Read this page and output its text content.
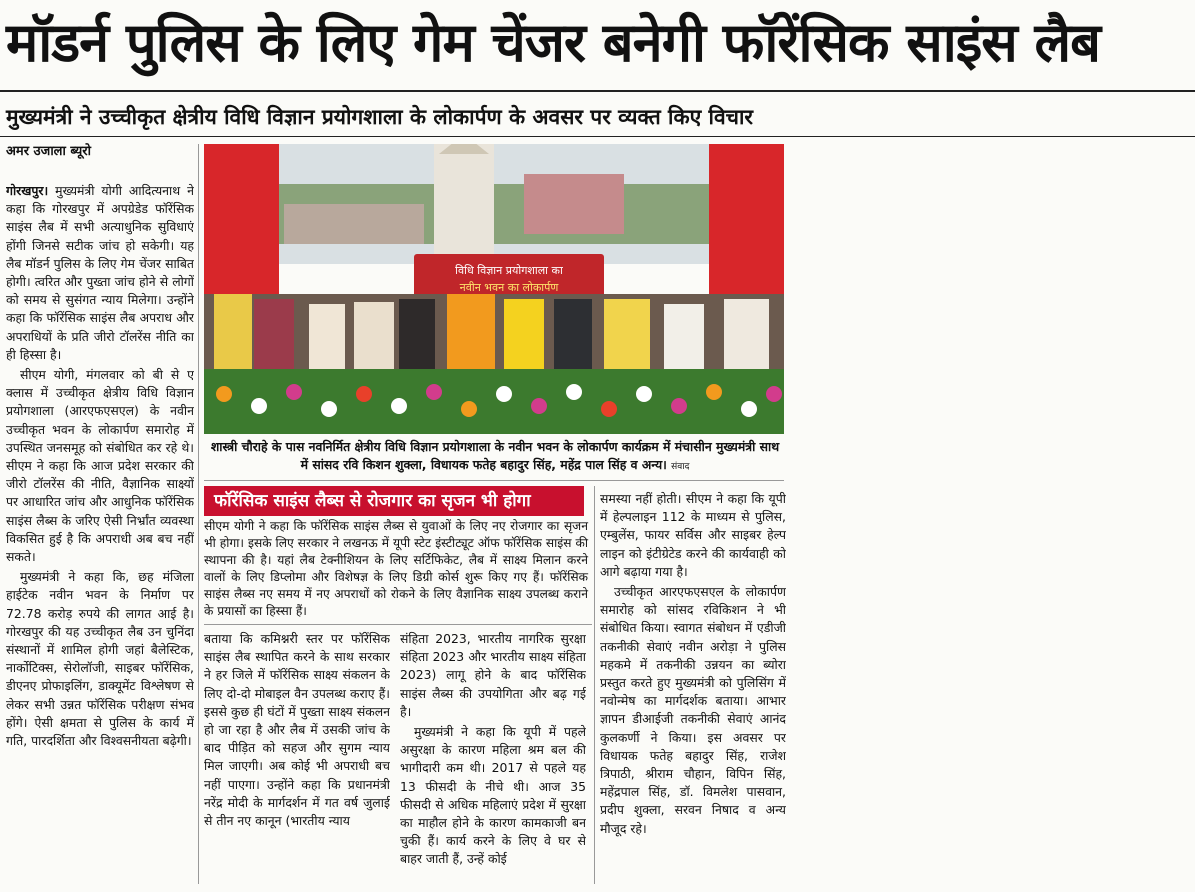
मॉडर्न पुलिस के लिए गेम चेंजर बनेगी फॉरेंसिक साइंस लैब
मुख्यमंत्री ने उच्चीकृत क्षेत्रीय विधि विज्ञान प्रयोगशाला के लोकार्पण के अवसर पर व्यक्त किए विचार
अमर उजाला ब्यूरो

गोरखपुर। मुख्यमंत्री योगी आदित्यनाथ ने कहा कि गोरखपुर में अपग्रेडेड फॉरेंसिक साइंस लैब में सभी अत्याधुनिक सुविधाएं होंगी जिनसे सटीक जांच हो सकेगी। यह लैब मॉडर्न पुलिस के लिए गेम चेंजर साबित होगी। त्वरित और पुख्ता जांच होने से लोगों को समय से सुसंगत न्याय मिलेगा। उन्होंने कहा कि फॉरेंसिक साइंस लैब अपराध और अपराधियों के प्रति जीरो टॉलरेंस नीति का ही हिस्सा है।

सीएम योगी, मंगलवार को बी से ए क्लास में उच्चीकृत क्षेत्रीय विधि विज्ञान प्रयोगशाला (आरएफएसएल) के नवीन उच्चीकृत भवन के लोकार्पण समारोह में उपस्थित जनसमूह को संबोधित कर रहे थे। सीएम ने कहा कि आज प्रदेश सरकार की जीरो टॉलरेंस की नीति, वैज्ञानिक साक्ष्यों पर आधारित जांच और आधुनिक फॉरेंसिक साइंस लैब्स के जरिए ऐसी निर्भ्रांत व्यवस्था विकसित हुई है कि अपराधी अब बच नहीं सकते।

मुख्यमंत्री ने कहा कि, छह मंजिला हाईटेक नवीन भवन के निर्माण पर 72.78 करोड़ रुपये की लागत आई है। गोरखपुर की यह उच्चीकृत लैब उन चुनिंदा संस्थानों में शामिल होगी जहां बैलेस्टिक, नार्कोटिक्स, सेरोलॉजी, साइबर फॉरेंसिक, डीएनए प्रोफाइलिंग, डाक्यूमेंट विश्लेषण से लेकर सभी उन्नत फॉरेंसिक परीक्षण संभव होंगे। ऐसी क्षमता से पुलिस के कार्य में गति, पारदर्शिता और विश्वसनीयता बढ़ेगी।

विधि विज्ञान प्रयोगशाला का
नवीन भवन का लोकार्पण
शास्त्री चौराहे के पास नवनिर्मित क्षेत्रीय विधि विज्ञान प्रयोगशाला के नवीन भवन के लोकार्पण कार्यक्रम में मंचासीन मुख्यमंत्री साथ में सांसद रवि किशन शुक्ला, विधायक फतेह बहादुर सिंह, महेंद्र पाल सिंह व अन्य। संवाद
फॉरेंसिक साइंस लैब्स से रोजगार का सृजन भी होगा
सीएम योगी ने कहा कि फॉरेंसिक साइंस लैब्स से युवाओं के लिए नए रोजगार का सृजन भी होगा। इसके लिए सरकार ने लखनऊ में यूपी स्टेट इंस्टीट्यूट ऑफ फॉरेंसिक साइंस की स्थापना की है। यहां लैब टेक्नीशियन के लिए सर्टिफिकेट, लैब में साक्ष्य मिलान करने वालों के लिए डिप्लोमा और विशेषज्ञ के लिए डिग्री कोर्स शुरू किए गए हैं। फॉरेंसिक साइंस लैब्स नए समय में नए अपराधों को रोकने के लिए वैज्ञानिक साक्ष्य उपलब्ध कराने के प्रयासों का हिस्सा हैं।

बताया कि कमिश्नरी स्तर पर फॉरेंसिक साइंस लैब स्थापित करने के साथ सरकार ने हर जिले में फॉरेंसिक साक्ष्य संकलन के लिए दो-दो मोबाइल वैन उपलब्ध कराए हैं। इससे कुछ ही घंटों में पुख्ता साक्ष्य संकलन हो जा रहा है और लैब में उसकी जांच के बाद पीड़ित को सहज और सुगम न्याय मिल जाएगी। अब कोई भी अपराधी बच नहीं पाएगा। उन्होंने कहा कि प्रधानमंत्री नरेंद्र मोदी के मार्गदर्शन में गत वर्ष जुलाई से तीन नए कानून (भारतीय न्याय

संहिता 2023, भारतीय नागरिक सुरक्षा संहिता 2023 और भारतीय साक्ष्य संहिता 2023) लागू होने के बाद फॉरेंसिक साइंस लैब्स की उपयोगिता और बढ़ गई है।

मुख्यमंत्री ने कहा कि यूपी में पहले असुरक्षा के कारण महिला श्रम बल की भागीदारी कम थी। 2017 से पहले यह 13 फीसदी के नीचे थी। आज 35 फीसदी से अधिक महिलाएं प्रदेश में सुरक्षा का माहौल होने के कारण कामकाजी बन चुकी हैं। कार्य करने के लिए वे घर से बाहर जाती हैं, उन्हें कोई

समस्या नहीं होती। सीएम ने कहा कि यूपी में हेल्पलाइन 112 के माध्यम से पुलिस, एम्बुलेंस, फायर सर्विस और साइबर हेल्प लाइन को इंटीग्रेटेड करने की कार्यवाही को आगे बढ़ाया गया है।

उच्चीकृत आरएफएसएल के लोकार्पण समारोह को सांसद रविकिशन ने भी संबोधित किया। स्वागत संबोधन में एडीजी तकनीकी सेवाएं नवीन अरोड़ा ने पुलिस महकमे में तकनीकी उन्नयन का ब्योरा प्रस्तुत करते हुए मुख्यमंत्री को पुलिसिंग में नवोन्मेष का मार्गदर्शक बताया। आभार ज्ञापन डीआईजी तकनीकी सेवाएं आनंद कुलकर्णी ने किया। इस अवसर पर विधायक फतेह बहादुर सिंह, राजेश त्रिपाठी, श्रीराम चौहान, विपिन सिंह, महेंद्रपाल सिंह, डॉ. विमलेश पासवान, प्रदीप शुक्ला, सरवन निषाद व अन्य मौजूद रहे।
